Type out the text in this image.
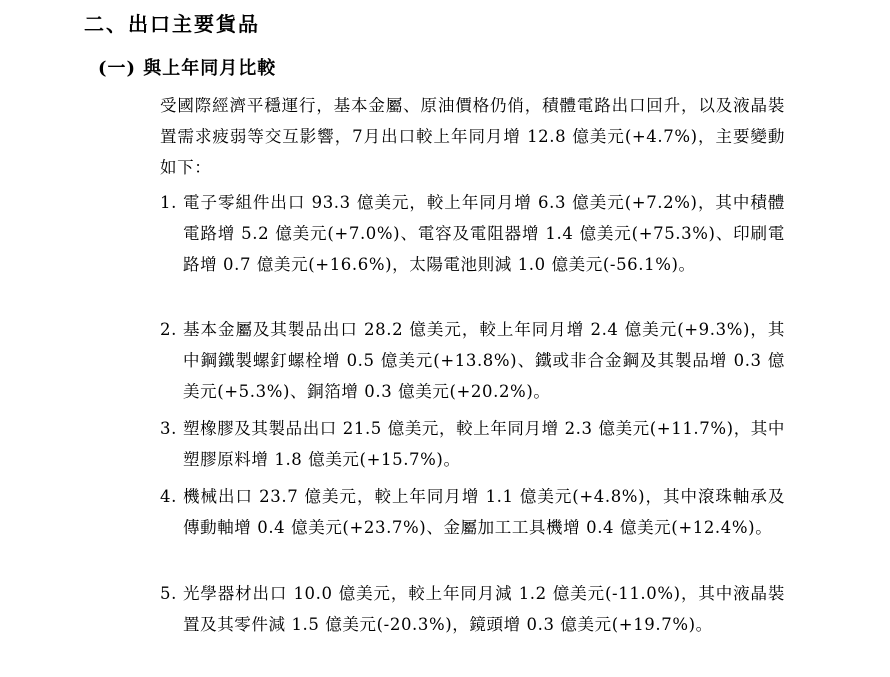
二、出口主要貨品
(一) 與上年同月比較
受國際經濟平穩運行，基本金屬、原油價格仍俏，積體電路出口回升，以及液晶裝置需求疲弱等交互影響，7月出口較上年同月增 12.8 億美元(+4.7%)，主要變動如下：
1. 電子零組件出口 93.3 億美元，較上年同月增 6.3 億美元(+7.2%)，其中積體電路增 5.2 億美元(+7.0%)、電容及電阻器增 1.4 億美元(+75.3%)、印刷電路增 0.7 億美元(+16.6%)，太陽電池則減 1.0 億美元(-56.1%)。
2. 基本金屬及其製品出口 28.2 億美元，較上年同月增 2.4 億美元(+9.3%)，其中鋼鐵製螺釘螺栓增 0.5 億美元(+13.8%)、鐵或非合金鋼及其製品增 0.3 億美元(+5.3%)、銅箔增 0.3 億美元(+20.2%)。
3. 塑橡膠及其製品出口 21.5 億美元，較上年同月增 2.3 億美元(+11.7%)，其中塑膠原料增 1.8 億美元(+15.7%)。
4. 機械出口 23.7 億美元，較上年同月增 1.1 億美元(+4.8%)，其中滾珠軸承及傳動軸增 0.4 億美元(+23.7%)、金屬加工工具機增 0.4 億美元(+12.4%)。
5. 光學器材出口 10.0 億美元，較上年同月減 1.2 億美元(-11.0%)，其中液晶裝置及其零件減 1.5 億美元(-20.3%)，鏡頭增 0.3 億美元(+19.7%)。
